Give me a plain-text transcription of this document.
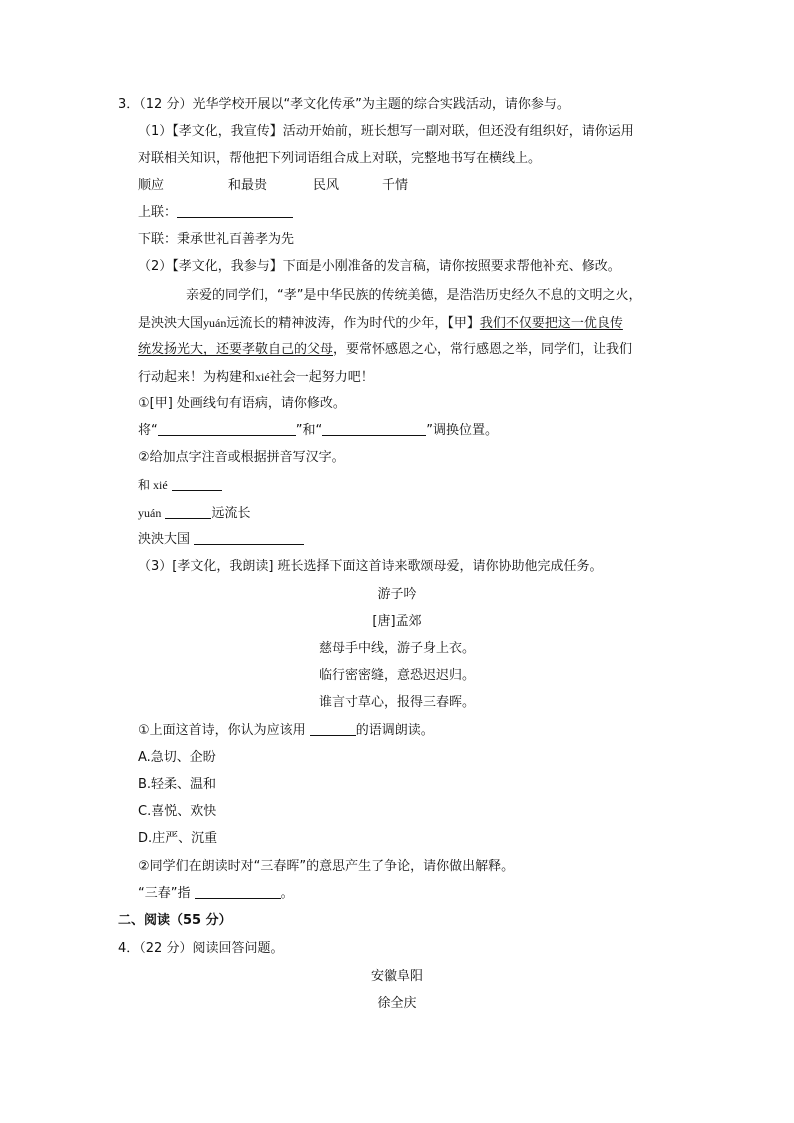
3．（12 分）光华学校开展以“孝文化传承”为主题的综合实践活动，请你参与。
（1）【孝文化，我宣传】活动开始前，班长想写一副对联，但还没有组织好，请你运用
对联相关知识，帮他把下列词语组合成上对联，完整地书写在横线上。
顺应	和最贵	民风	千情
上联：
下联：秉承世礼百善孝为先
（2）【孝文化，我参与】下面是小刚准备的发言稿，请你按照要求帮他补充、修改。
亲爱的同学们，“孝”是中华民族的传统美德，是浩浩历史经久不息的文明之火，
是泱泱大国yuán远流长的精神波涛，作为时代的少年，【甲】我们不仅要把这一优良传
统发扬光大，还要孝敬自己的父母，要常怀感恩之心，常行感恩之举，同学们，让我们
行动起来！为构建和xié社会一起努力吧！
①[甲] 处画线句有语病，请你修改。
将“	”和“	”调换位置。
②给加点字注音或根据拼音写汉字。
和 xié
yuán	远流长
泱泱大国
（3）[孝文化，我朗读] 班长选择下面这首诗来歌颂母爱，请你协助他完成任务。
游子吟
[唐]孟郊
慈母手中线，游子身上衣。
临行密密缝，意恐迟迟归。
谁言寸草心，报得三春晖。
①上面这首诗，你认为应该用	的语调朗读。
A.急切、企盼
B.轻柔、温和
C.喜悦、欢快
D.庄严、沉重
②同学们在朗读时对“三春晖”的意思产生了争论，请你做出解释。
“三春”指	。
二、阅读（55 分）
4．（22 分）阅读回答问题。
安徽阜阳
徐全庆
